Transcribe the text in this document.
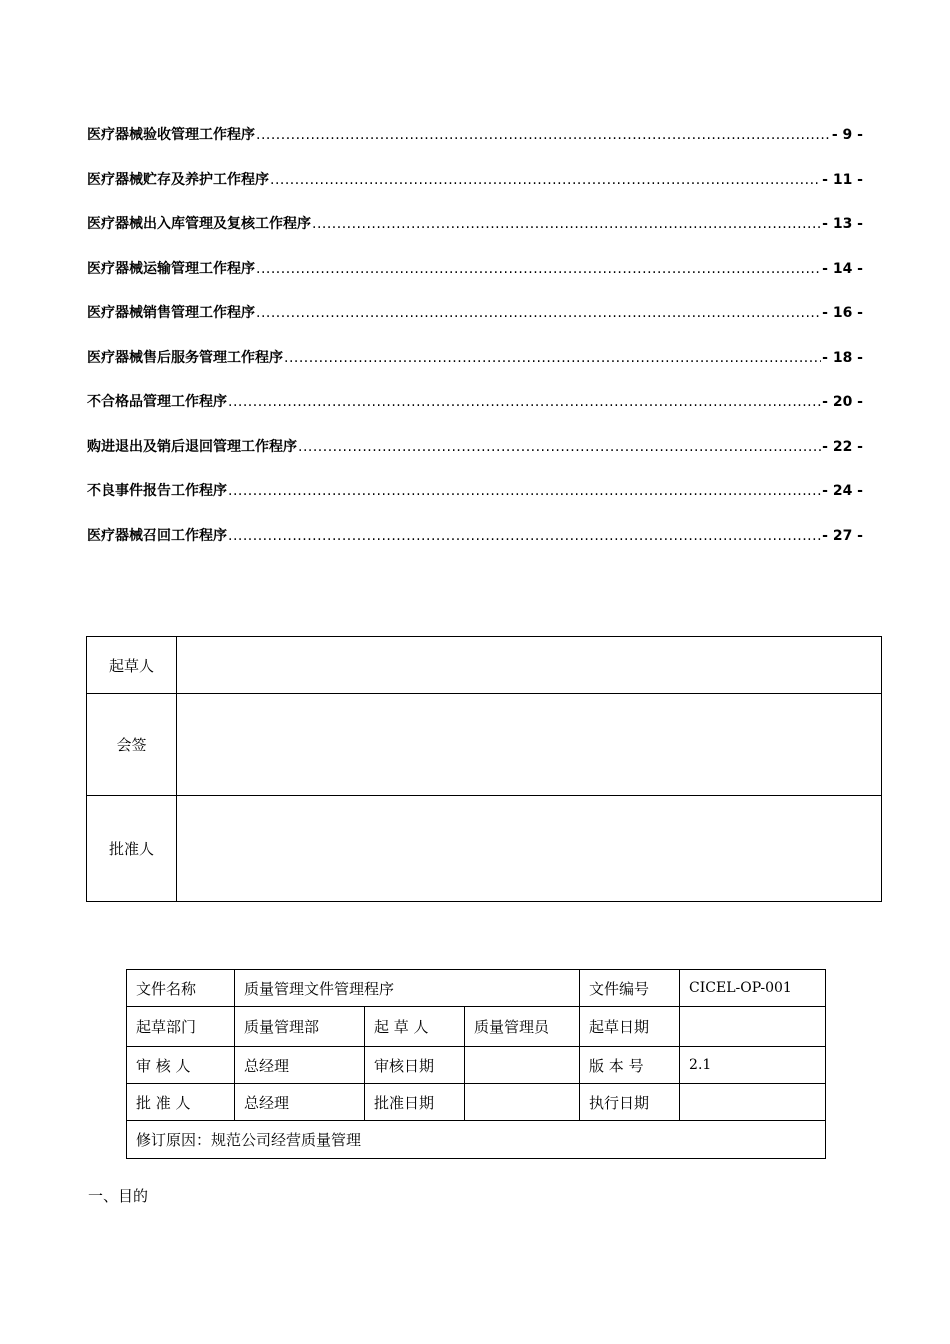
医疗器械验收管理工作程序 .....	- 9 -
医疗器械贮存及养护工作程序 .....	- 11 -
医疗器械出入库管理及复核工作程序 .....	- 13 -
医疗器械运输管理工作程序 .....	- 14 -
医疗器械销售管理工作程序 .....	- 16 -
医疗器械售后服务管理工作程序 .....	- 18 -
不合格品管理工作程序 .....	- 20 -
购进退出及销后退回管理工作程序 .....	- 22 -
不良事件报告工作程序 .....	- 24 -
医疗器械召回工作程序 .....	- 27 -
起草人	
会签	
批准人	
文件名称	质量管理文件管理程序			文件编号	CICEL-OP-001
起草部门	质量管理部	起 草 人	质量管理员	起草日期	
审 核 人	总经理	审核日期		版 本 号	2.1
批 准 人	总经理	批准日期		执行日期	
修订原因：规范公司经营质量管理					
一、目的
